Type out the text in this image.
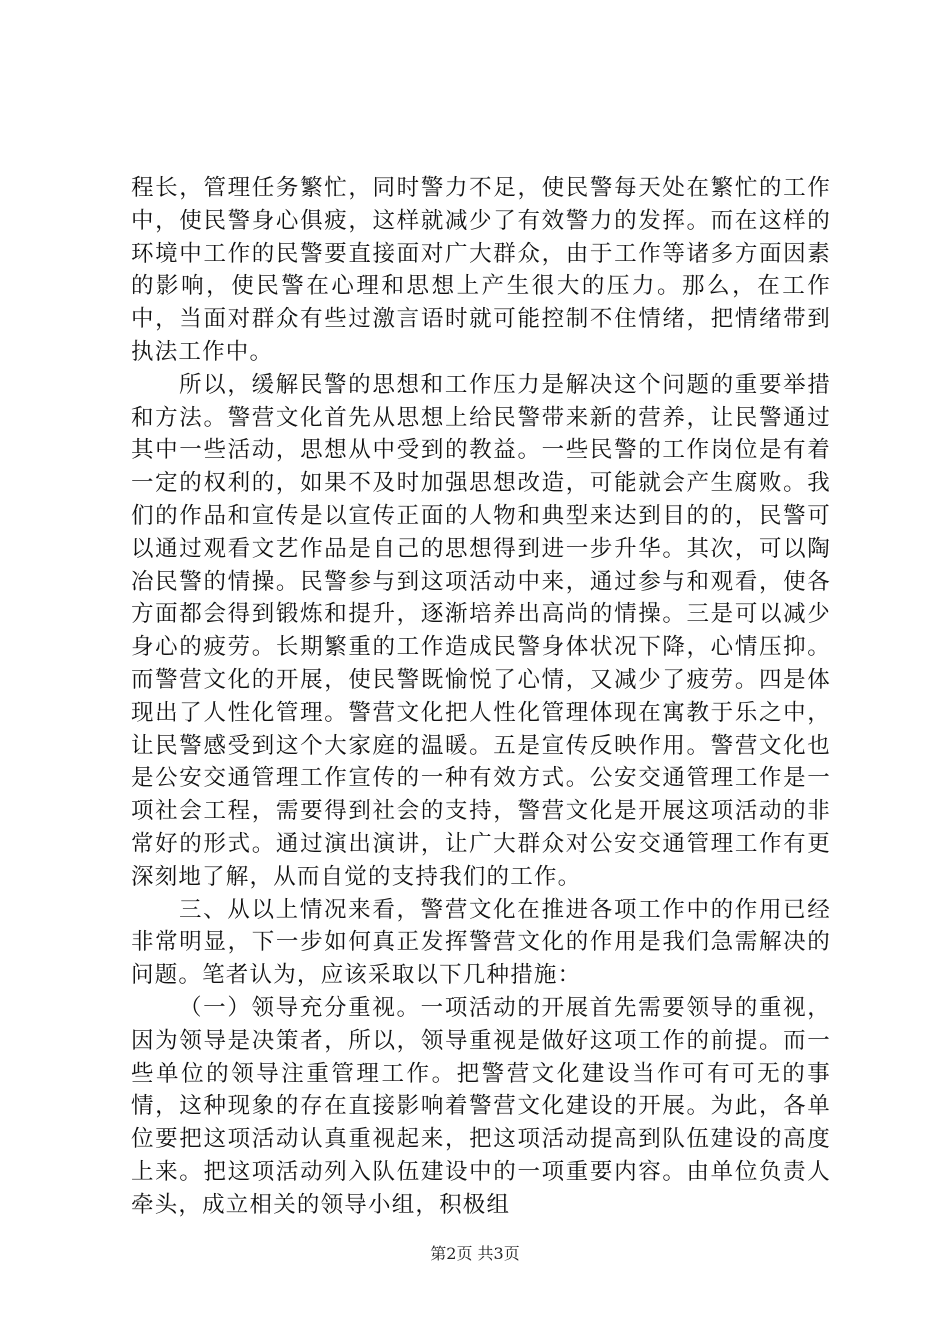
程长，管理任务繁忙，同时警力不足，使民警每天处在繁忙的工作中，使民警身心俱疲，这样就减少了有效警力的发挥。而在这样的环境中工作的民警要直接面对广大群众，由于工作等诸多方面因素的影响，使民警在心理和思想上产生很大的压力。那么，在工作中，当面对群众有些过激言语时就可能控制不住情绪，把情绪带到执法工作中。

所以，缓解民警的思想和工作压力是解决这个问题的重要举措和方法。警营文化首先从思想上给民警带来新的营养，让民警通过其中一些活动，思想从中受到的教益。一些民警的工作岗位是有着一定的权利的，如果不及时加强思想改造，可能就会产生腐败。我们的作品和宣传是以宣传正面的人物和典型来达到目的的，民警可以通过观看文艺作品是自己的思想得到进一步升华。其次，可以陶冶民警的情操。民警参与到这项活动中来，通过参与和观看，使各方面都会得到锻炼和提升，逐渐培养出高尚的情操。三是可以减少身心的疲劳。长期繁重的工作造成民警身体状况下降，心情压抑。而警营文化的开展，使民警既愉悦了心情，又减少了疲劳。四是体现出了人性化管理。警营文化把人性化管理体现在寓教于乐之中，让民警感受到这个大家庭的温暖。五是宣传反映作用。警营文化也是公安交通管理工作宣传的一种有效方式。公安交通管理工作是一项社会工程，需要得到社会的支持，警营文化是开展这项活动的非常好的形式。通过演出演讲，让广大群众对公安交通管理工作有更深刻地了解，从而自觉的支持我们的工作。

三、从以上情况来看，警营文化在推进各项工作中的作用已经非常明显，下一步如何真正发挥警营文化的作用是我们急需解决的问题。笔者认为，应该采取以下几种措施：

（一）领导充分重视。一项活动的开展首先需要领导的重视，因为领导是决策者，所以，领导重视是做好这项工作的前提。而一些单位的领导注重管理工作。把警营文化建设当作可有可无的事情，这种现象的存在直接影响着警营文化建设的开展。为此，各单位要把这项活动认真重视起来，把这项活动提高到队伍建设的高度上来。把这项活动列入队伍建设中的一项重要内容。由单位负责人牵头，成立相关的领导小组，积极组

第2页 共3页
